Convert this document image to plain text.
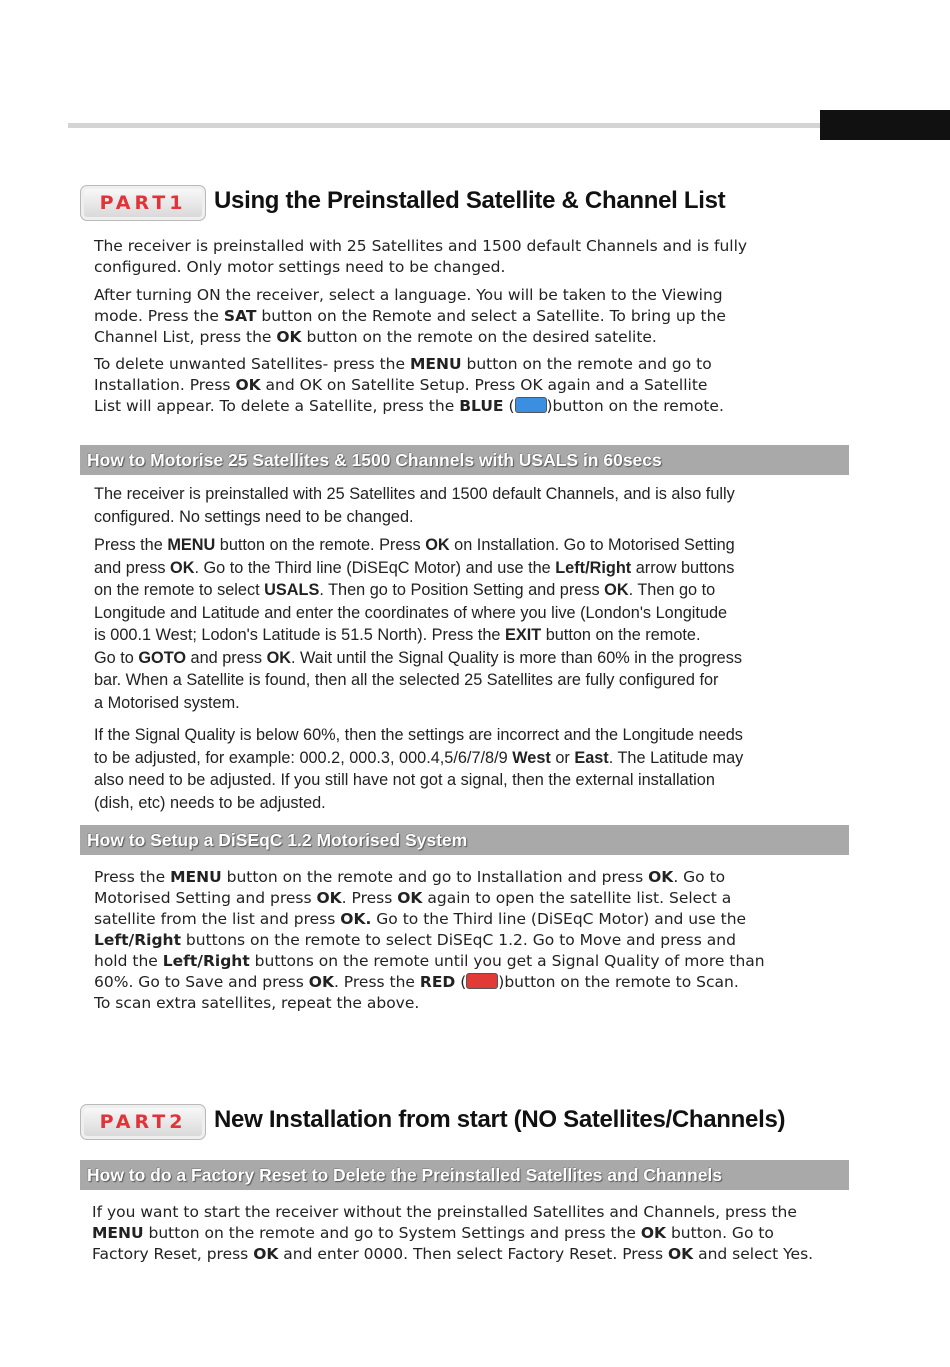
PART1	Using the Preinstalled Satellite & Channel List
The receiver is preinstalled with 25 Satellites and 1500 default Channels and is fully
configured. Only motor settings need to be changed.
After turning ON the receiver, select a language. You will be taken to the Viewing
mode. Press the SAT button on the Remote and select a Satellite. To bring up the
Channel List, press the OK button on the remote on the desired satelite.
To delete unwanted Satellites- press the MENU button on the remote and go to
Installation. Press OK and OK on Satellite Setup. Press OK again and a Satellite
List will appear. To delete a Satellite, press the BLUE ( )button on the remote.
How to Motorise 25 Satellites & 1500 Channels with USALS in 60secs
The receiver is preinstalled with 25 Satellites and 1500 default Channels, and is also fully
configured. No settings need to be changed.
Press the MENU button on the remote. Press OK on Installation. Go to Motorised Setting
and press OK. Go to the Third line (DiSEqC Motor) and use the Left/Right arrow buttons
on the remote to select USALS. Then go to Position Setting and press OK. Then go to
Longitude and Latitude and enter the coordinates of where you live (London's Longitude
is 000.1 West; Lodon's Latitude is 51.5 North). Press the EXIT button on the remote.
Go to GOTO and press OK. Wait until the Signal Quality is more than 60% in the progress
bar. When a Satellite is found, then all the selected 25 Satellites are fully configured for
a Motorised system.
If the Signal Quality is below 60%, then the settings are incorrect and the Longitude needs
to be adjusted, for example: 000.2, 000.3, 000.4,5/6/7/8/9 West or East. The Latitude may
also need to be adjusted. If you still have not got a signal, then the external installation
(dish, etc) needs to be adjusted.
How to Setup a DiSEqC 1.2 Motorised System
Press the MENU button on the remote and go to Installation and press OK. Go to
Motorised Setting and press OK. Press OK again to open the satellite list. Select a
satellite from the list and press OK. Go to the Third line (DiSEqC Motor) and use the
Left/Right buttons on the remote to select DiSEqC 1.2. Go to Move and press and
hold the Left/Right buttons on the remote until you get a Signal Quality of more than
60%. Go to Save and press OK. Press the RED ( )button on the remote to Scan.
To scan extra satellites, repeat the above.
PART2	New Installation from start (NO Satellites/Channels)
How to do a Factory Reset to Delete the Preinstalled Satellites and Channels
If you want to start the receiver without the preinstalled Satellites and Channels, press the
MENU button on the remote and go to System Settings and press the OK button. Go to
Factory Reset, press OK and enter 0000. Then select Factory Reset. Press OK and select Yes.
